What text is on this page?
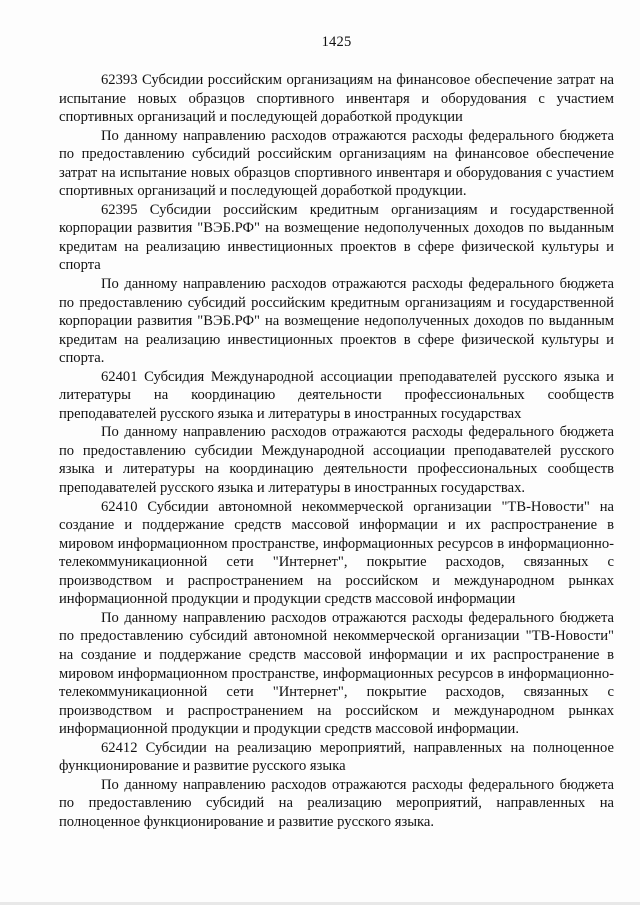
1425

62393 Субсидии российским организациям на финансовое обеспечение затрат на испытание новых образцов спортивного инвентаря и оборудования с участием спортивных организаций и последующей доработкой продукции

По данному направлению расходов отражаются расходы федерального бюджета по предоставлению субсидий российским организациям на финансовое обеспечение затрат на испытание новых образцов спортивного инвентаря и оборудования с участием спортивных организаций и последующей доработкой продукции.

62395 Субсидии российским кредитным организациям и государственной корпорации развития "ВЭБ.РФ" на возмещение недополученных доходов по выданным кредитам на реализацию инвестиционных проектов в сфере физической культуры и спорта

По данному направлению расходов отражаются расходы федерального бюджета по предоставлению субсидий российским кредитным организациям и государственной корпорации развития "ВЭБ.РФ" на возмещение недополученных доходов по выданным кредитам на реализацию инвестиционных проектов в сфере физической культуры и спорта.

62401 Субсидия Международной ассоциации преподавателей русского языка и литературы на координацию деятельности профессиональных сообществ преподавателей русского языка и литературы в иностранных государствах

По данному направлению расходов отражаются расходы федерального бюджета по предоставлению субсидии Международной ассоциации преподавателей русского языка и литературы на координацию деятельности профессиональных сообществ преподавателей русского языка и литературы в иностранных государствах.

62410 Субсидии автономной некоммерческой организации "ТВ-Новости" на создание и поддержание средств массовой информации и их распространение в мировом информационном пространстве, информационных ресурсов в информационно-телекоммуникационной сети "Интернет", покрытие расходов, связанных с производством и распространением на российском и международном рынках информационной продукции и продукции средств массовой информации

По данному направлению расходов отражаются расходы федерального бюджета по предоставлению субсидий автономной некоммерческой организации "ТВ-Новости" на создание и поддержание средств массовой информации и их распространение в мировом информационном пространстве, информационных ресурсов в информационно-телекоммуникационной сети "Интернет", покрытие расходов, связанных с производством и распространением на российском и международном рынках информационной продукции и продукции средств массовой информации.

62412 Субсидии на реализацию мероприятий, направленных на полноценное функционирование и развитие русского языка

По данному направлению расходов отражаются расходы федерального бюджета по предоставлению субсидий на реализацию мероприятий, направленных на полноценное функционирование и развитие русского языка.
